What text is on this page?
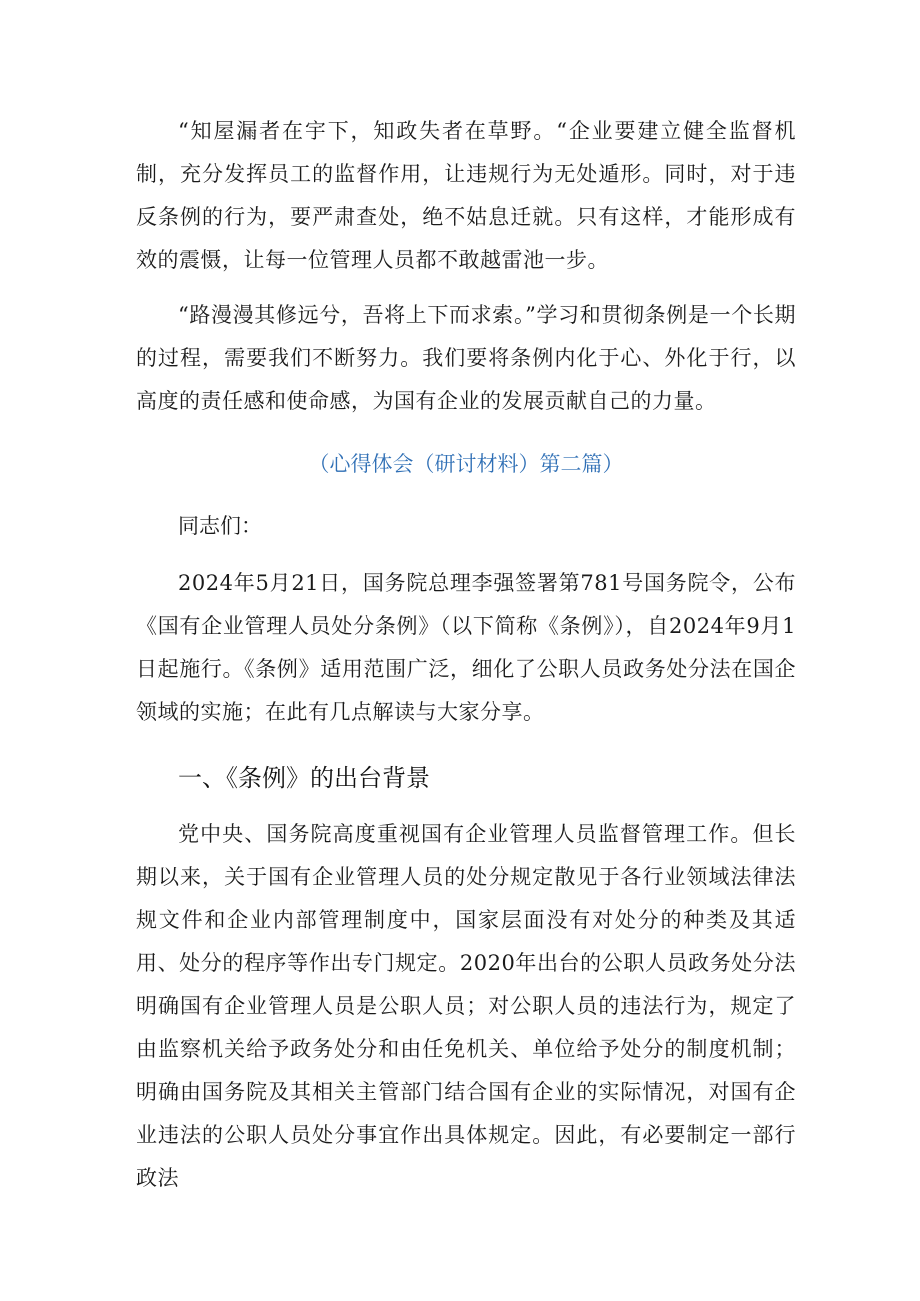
“知屋漏者在宇下，知政失者在草野。“企业要建立健全监督机制，充分发挥员工的监督作用，让违规行为无处遁形。同时，对于违反条例的行为，要严肃查处，绝不姑息迁就。只有这样，才能形成有效的震慑，让每一位管理人员都不敢越雷池一步。

“路漫漫其修远兮，吾将上下而求索。”学习和贯彻条例是一个长期的过程，需要我们不断努力。我们要将条例内化于心、外化于行，以高度的责任感和使命感，为国有企业的发展贡献自己的力量。

（心得体会（研讨材料）第二篇）

同志们：

2024年5月21日，国务院总理李强签署第781号国务院令，公布《国有企业管理人员处分条例》（以下简称《条例》），自2024年9月1日起施行。《条例》适用范围广泛，细化了公职人员政务处分法在国企领域的实施；在此有几点解读与大家分享。

一、《条例》的出台背景

党中央、国务院高度重视国有企业管理人员监督管理工作。但长期以来，关于国有企业管理人员的处分规定散见于各行业领域法律法规文件和企业内部管理制度中，国家层面没有对处分的种类及其适用、处分的程序等作出专门规定。2020年出台的公职人员政务处分法明确国有企业管理人员是公职人员；对公职人员的违法行为，规定了由监察机关给予政务处分和由任免机关、单位给予处分的制度机制；明确由国务院及其相关主管部门结合国有企业的实际情况，对国有企业违法的公职人员处分事宜作出具体规定。因此，有必要制定一部行政法
